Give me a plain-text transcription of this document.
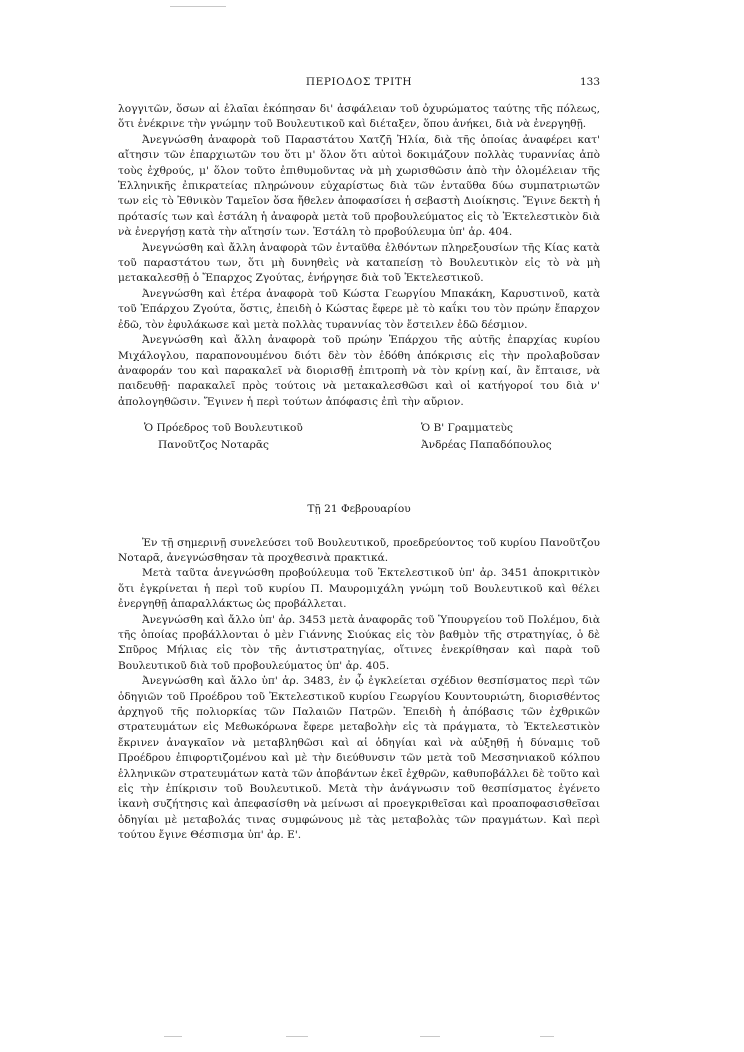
ΠΕΡΙΟΔΟΣ ΤΡΙΤΗ	133

λογγιτῶν, ὅσων αἱ ἐλαῖαι ἐκόπησαν δι' ἀσφάλειαν τοῦ ὀχυρώματος ταύτης τῆς πόλεως, ὅτι ἐνέκρινε τὴν γνώμην τοῦ Βουλευτικοῦ καὶ διέταξεν, ὅπου ἀνήκει, διὰ νὰ ἐνεργηθῇ.

Ἀνεγνώσθη ἀναφορὰ τοῦ Παραστάτου Χατζῆ Ἠλία, διὰ τῆς ὁποίας ἀναφέρει κατ' αἴτησιν τῶν ἐπαρχιωτῶν του ὅτι μ' ὅλον ὅτι αὐτοὶ δοκιμάζουν πολλὰς τυραννίας ἀπὸ τοὺς ἐχθρούς, μ' ὅλον τοῦτο ἐπιθυμοῦντας νὰ μὴ χωρισθῶσιν ἀπὸ τὴν ὁλομέλειαν τῆς Ἑλληνικῆς ἐπικρατείας πληρώνουν εὐχαρίστως διὰ τῶν ἐνταῦθα δύω συμπατριωτῶν των εἰς τὸ Ἐθνικὸν Ταμεῖον ὅσα ἤθελεν ἀποφασίσει ἡ σεβαστὴ Διοίκησις. Ἔγινε δεκτὴ ἡ πρότασίς των καὶ ἐστάλη ἡ ἀναφορὰ μετὰ τοῦ προβουλεύματος εἰς τὸ Ἐκτελεστικὸν διὰ νὰ ἐνεργήσῃ κατὰ τὴν αἴτησίν των. Ἐστάλη τὸ προβούλευμα ὑπ' ἀρ. 404.

Ἀνεγνώσθη καὶ ἄλλη ἀναφορὰ τῶν ἐνταῦθα ἐλθόντων πληρεξουσίων τῆς Κίας κατὰ τοῦ παραστάτου των, ὅτι μὴ δυνηθεὶς νὰ καταπείσῃ τὸ Βουλευτικὸν εἰς τὸ νὰ μὴ μετακαλεσθῇ ὁ Ἔπαρχος Ζγούτας, ἐνήργησε διὰ τοῦ Ἐκτελεστικοῦ.

Ἀνεγνώσθη καὶ ἑτέρα ἀναφορὰ τοῦ Κώστα Γεωργίου Μπακάκη, Καρυστινοῦ, κατὰ τοῦ Ἐπάρχου Ζγούτα, ὅστις, ἐπειδὴ ὁ Κώστας ἔφερε μὲ τὸ καΐκι του τὸν πρώην ἔπαρχον ἐδῶ, τὸν ἐφυλάκωσε καὶ μετὰ πολλὰς τυραννίας τὸν ἔστειλεν ἐδῶ δέσμιον.

Ἀνεγνώσθη καὶ ἄλλη ἀναφορὰ τοῦ πρώην Ἐπάρχου τῆς αὐτῆς ἐπαρχίας κυρίου Μιχάλογλου, παραπονουμένου διότι δὲν τὸν ἐδόθη ἀπόκρισις εἰς τὴν προλαβοῦσαν ἀναφοράν του καὶ παρακαλεῖ νὰ διορισθῇ ἐπιτροπὴ νὰ τὸν κρίνῃ καί, ἂν ἔπταισε, νὰ παιδευθῇ· παρακαλεῖ πρὸς τούτοις νὰ μετακαλεσθῶσι καὶ οἱ κατήγοροί του διὰ ν' ἀπολογηθῶσιν. Ἔγινεν ἡ περὶ τούτων ἀπόφασις ἐπὶ τὴν αὔριον.

Ὁ Πρόεδρος τοῦ Βουλευτικοῦ
Πανοῦτζος Νοταρᾶς
Ὁ Β' Γραμματεὺς
Ἀνδρέας Παπαδόπουλος
Τῇ 21 Φεβρουαρίου

Ἐν τῇ σημερινῇ συνελεύσει τοῦ Βουλευτικοῦ, προεδρεύοντος τοῦ κυρίου Πανοῦτζου Νοταρᾶ, ἀνεγνώσθησαν τὰ προχθεσινὰ πρακτικά.

Μετὰ ταῦτα ἀνεγνώσθη προβούλευμα τοῦ Ἐκτελεστικοῦ ὑπ' ἀρ. 3451 ἀποκριτικὸν ὅτι ἐγκρίνεται ἡ περὶ τοῦ κυρίου Π. Μαυρομιχάλη γνώμη τοῦ Βουλευτικοῦ καὶ θέλει ἐνεργηθῇ ἀπαραλλάκτως ὡς προβάλλεται.

Ἀνεγνώσθη καὶ ἄλλο ὑπ' ἀρ. 3453 μετὰ ἀναφορᾶς τοῦ Ὑπουργείου τοῦ Πολέμου, διὰ τῆς ὁποίας προβάλλονται ὁ μὲν Γιάννης Σιούκας εἰς τὸν βαθμὸν τῆς στρατηγίας, ὁ δὲ Σπῦρος Μήλιας εἰς τὸν τῆς ἀντιστρατηγίας, οἵτινες ἐνεκρίθησαν καὶ παρὰ τοῦ Βουλευτικοῦ διὰ τοῦ προβουλεύματος ὑπ' ἀρ. 405.

Ἀνεγνώσθη καὶ ἄλλο ὑπ' ἀρ. 3483, ἐν ᾧ ἐγκλείεται σχέδιον θεσπίσματος περὶ τῶν ὁδηγιῶν τοῦ Προέδρου τοῦ Ἐκτελεστικοῦ κυρίου Γεωργίου Κουντουριώτη, διορισθέντος ἀρχηγοῦ τῆς πολιορκίας τῶν Παλαιῶν Πατρῶν. Ἐπειδὴ ἡ ἀπόβασις τῶν ἐχθρικῶν στρατευμάτων εἰς Μεθωκόρωνα ἔφερε μεταβολὴν εἰς τὰ πράγματα, τὸ Ἐκτελεστικὸν ἔκρινεν ἀναγκαῖον νὰ μεταβληθῶσι καὶ αἱ ὁδηγίαι καὶ νὰ αὐξηθῇ ἡ δύναμις τοῦ Προέδρου ἐπιφορτιζομένου καὶ μὲ τὴν διεύθυνσιν τῶν μετὰ τοῦ Μεσσηνιακοῦ κόλπου ἑλληνικῶν στρατευμάτων κατὰ τῶν ἀποβάντων ἐκεῖ ἐχθρῶν, καθυποβάλλει δὲ τοῦτο καὶ εἰς τὴν ἐπίκρισιν τοῦ Βουλευτικοῦ. Μετὰ τὴν ἀνάγνωσιν τοῦ θεσπίσματος ἐγένετο ἱκανὴ συζήτησις καὶ ἀπεφασίσθη νὰ μείνωσι αἱ προεγκριθεῖσαι καὶ προαποφασισθεῖσαι ὁδηγίαι μὲ μεταβολάς τινας συμφώνους μὲ τὰς μεταβολὰς τῶν πραγμάτων. Καὶ περὶ τούτου ἔγινε Θέσπισμα ὑπ' ἀρ. Ε'.
